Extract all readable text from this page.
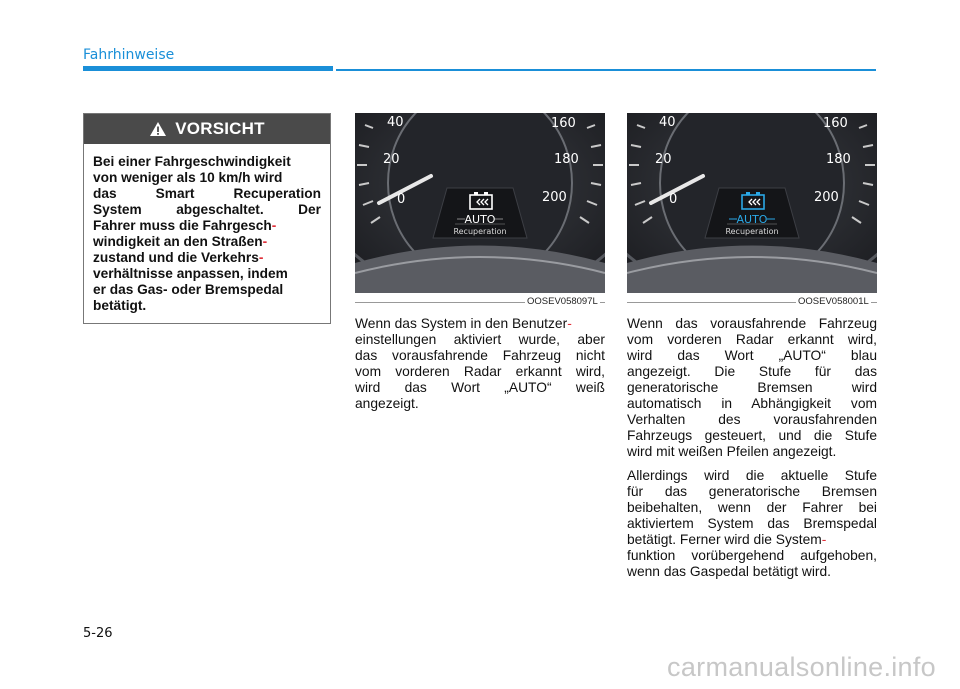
Fahrhinweise
VORSICHT
Bei einer Fahrgeschwindigkeit
von weniger als 10 km/h wird
das Smart Recuperation
System abgeschaltet. Der
Fahrer muss die Fahrgesch-
windigkeit an den Straßen-
zustand und die Verkehrs-
verhältnisse anpassen, indem
er das Gas- oder Bremspedal
betätigt.
40
20
0
160
180
200
AUTO
Recuperation
OOSEV058097L
40
20
0
160
180
200
AUTO
Recuperation
OOSEV058001L
Wenn das System in den Benutzer-
einstellungen aktiviert wurde, aber
das vorausfahrende Fahrzeug nicht
vom vorderen Radar erkannt wird,
wird das Wort „AUTO“ weiß
angezeigt.
Wenn das vorausfahrende Fahrzeug
vom vorderen Radar erkannt wird,
wird das Wort „AUTO“ blau
angezeigt. Die Stufe für das
generatorische Bremsen wird
automatisch in Abhängigkeit vom
Verhalten des vorausfahrenden
Fahrzeugs gesteuert, und die Stufe
wird mit weißen Pfeilen angezeigt.
Allerdings wird die aktuelle Stufe
für das generatorische Bremsen
beibehalten, wenn der Fahrer bei
aktiviertem System das Bremspedal
betätigt. Ferner wird die System-
funktion vorübergehend aufgehoben,
wenn das Gaspedal betätigt wird.
5-26
carmanualsonline.info
